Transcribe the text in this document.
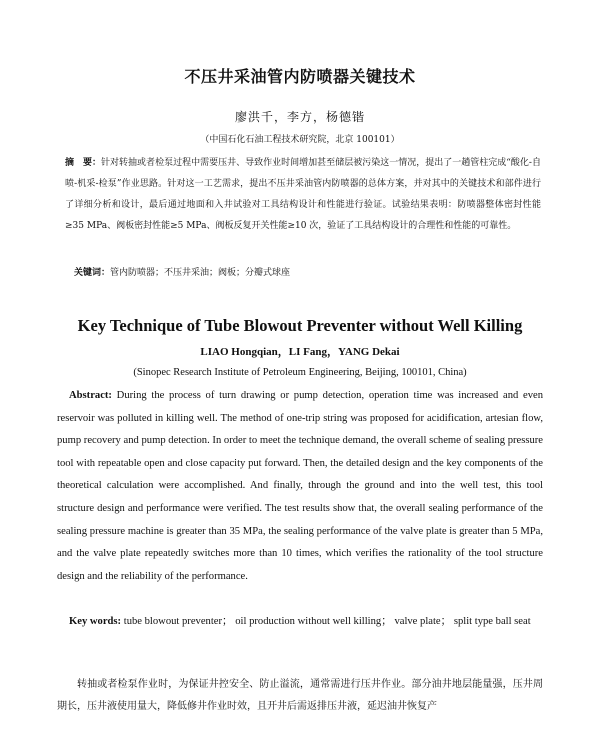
不压井采油管内防喷器关键技术
廖洪千，李方，杨德锴
（中国石化石油工程技术研究院，北京 100101）
摘　要：针对转抽或者检泵过程中需要压井、导致作业时间增加甚至储层被污染这一情况，提出了一趟管柱完成“酸化-自喷-机采-检泵”作业思路。针对这一工艺需求，提出不压井采油管内防喷器的总体方案，并对其中的关键技术和部件进行了详细分析和设计，最后通过地面和入井试验对工具结构设计和性能进行验证。试验结果表明：防喷器整体密封性能≥35 MPa、阀板密封性能≥5 MPa、阀板反复开关性能≥10 次，验证了工具结构设计的合理性和性能的可靠性。
关键词：管内防喷器；不压井采油；阀板；分瓣式球座
Key Technique of Tube Blowout Preventer without Well Killing
LIAO Hongqian，LI Fang，YANG Dekai
(Sinopec Research Institute of Petroleum Engineering, Beijing, 100101, China)
Abstract: During the process of turn drawing or pump detection, operation time was increased and even reservoir was polluted in killing well. The method of one-trip string was proposed for acidification, artesian flow, pump recovery and pump detection. In order to meet the technique demand, the overall scheme of sealing pressure tool with repeatable open and close capacity put forward. Then, the detailed design and the key components of the theoretical calculation were accomplished. And finally, through the ground and into the well test, this tool structure design and performance were verified. The test results show that, the overall sealing performance of the sealing pressure machine is greater than 35 MPa, the sealing performance of the valve plate is greater than 5 MPa, and the valve plate repeatedly switches more than 10 times, which verifies the rationality of the tool structure design and the reliability of the performance.
Key words: tube blowout preventer； oil production without well killing； valve plate； split type ball seat
转抽或者检泵作业时，为保证井控安全、防止溢流，通常需进行压井作业。部分油井地层能量强，压井周期长，压井液使用量大，降低修井作业时效，且开井后需返排压井液，延迟油井恢复产
